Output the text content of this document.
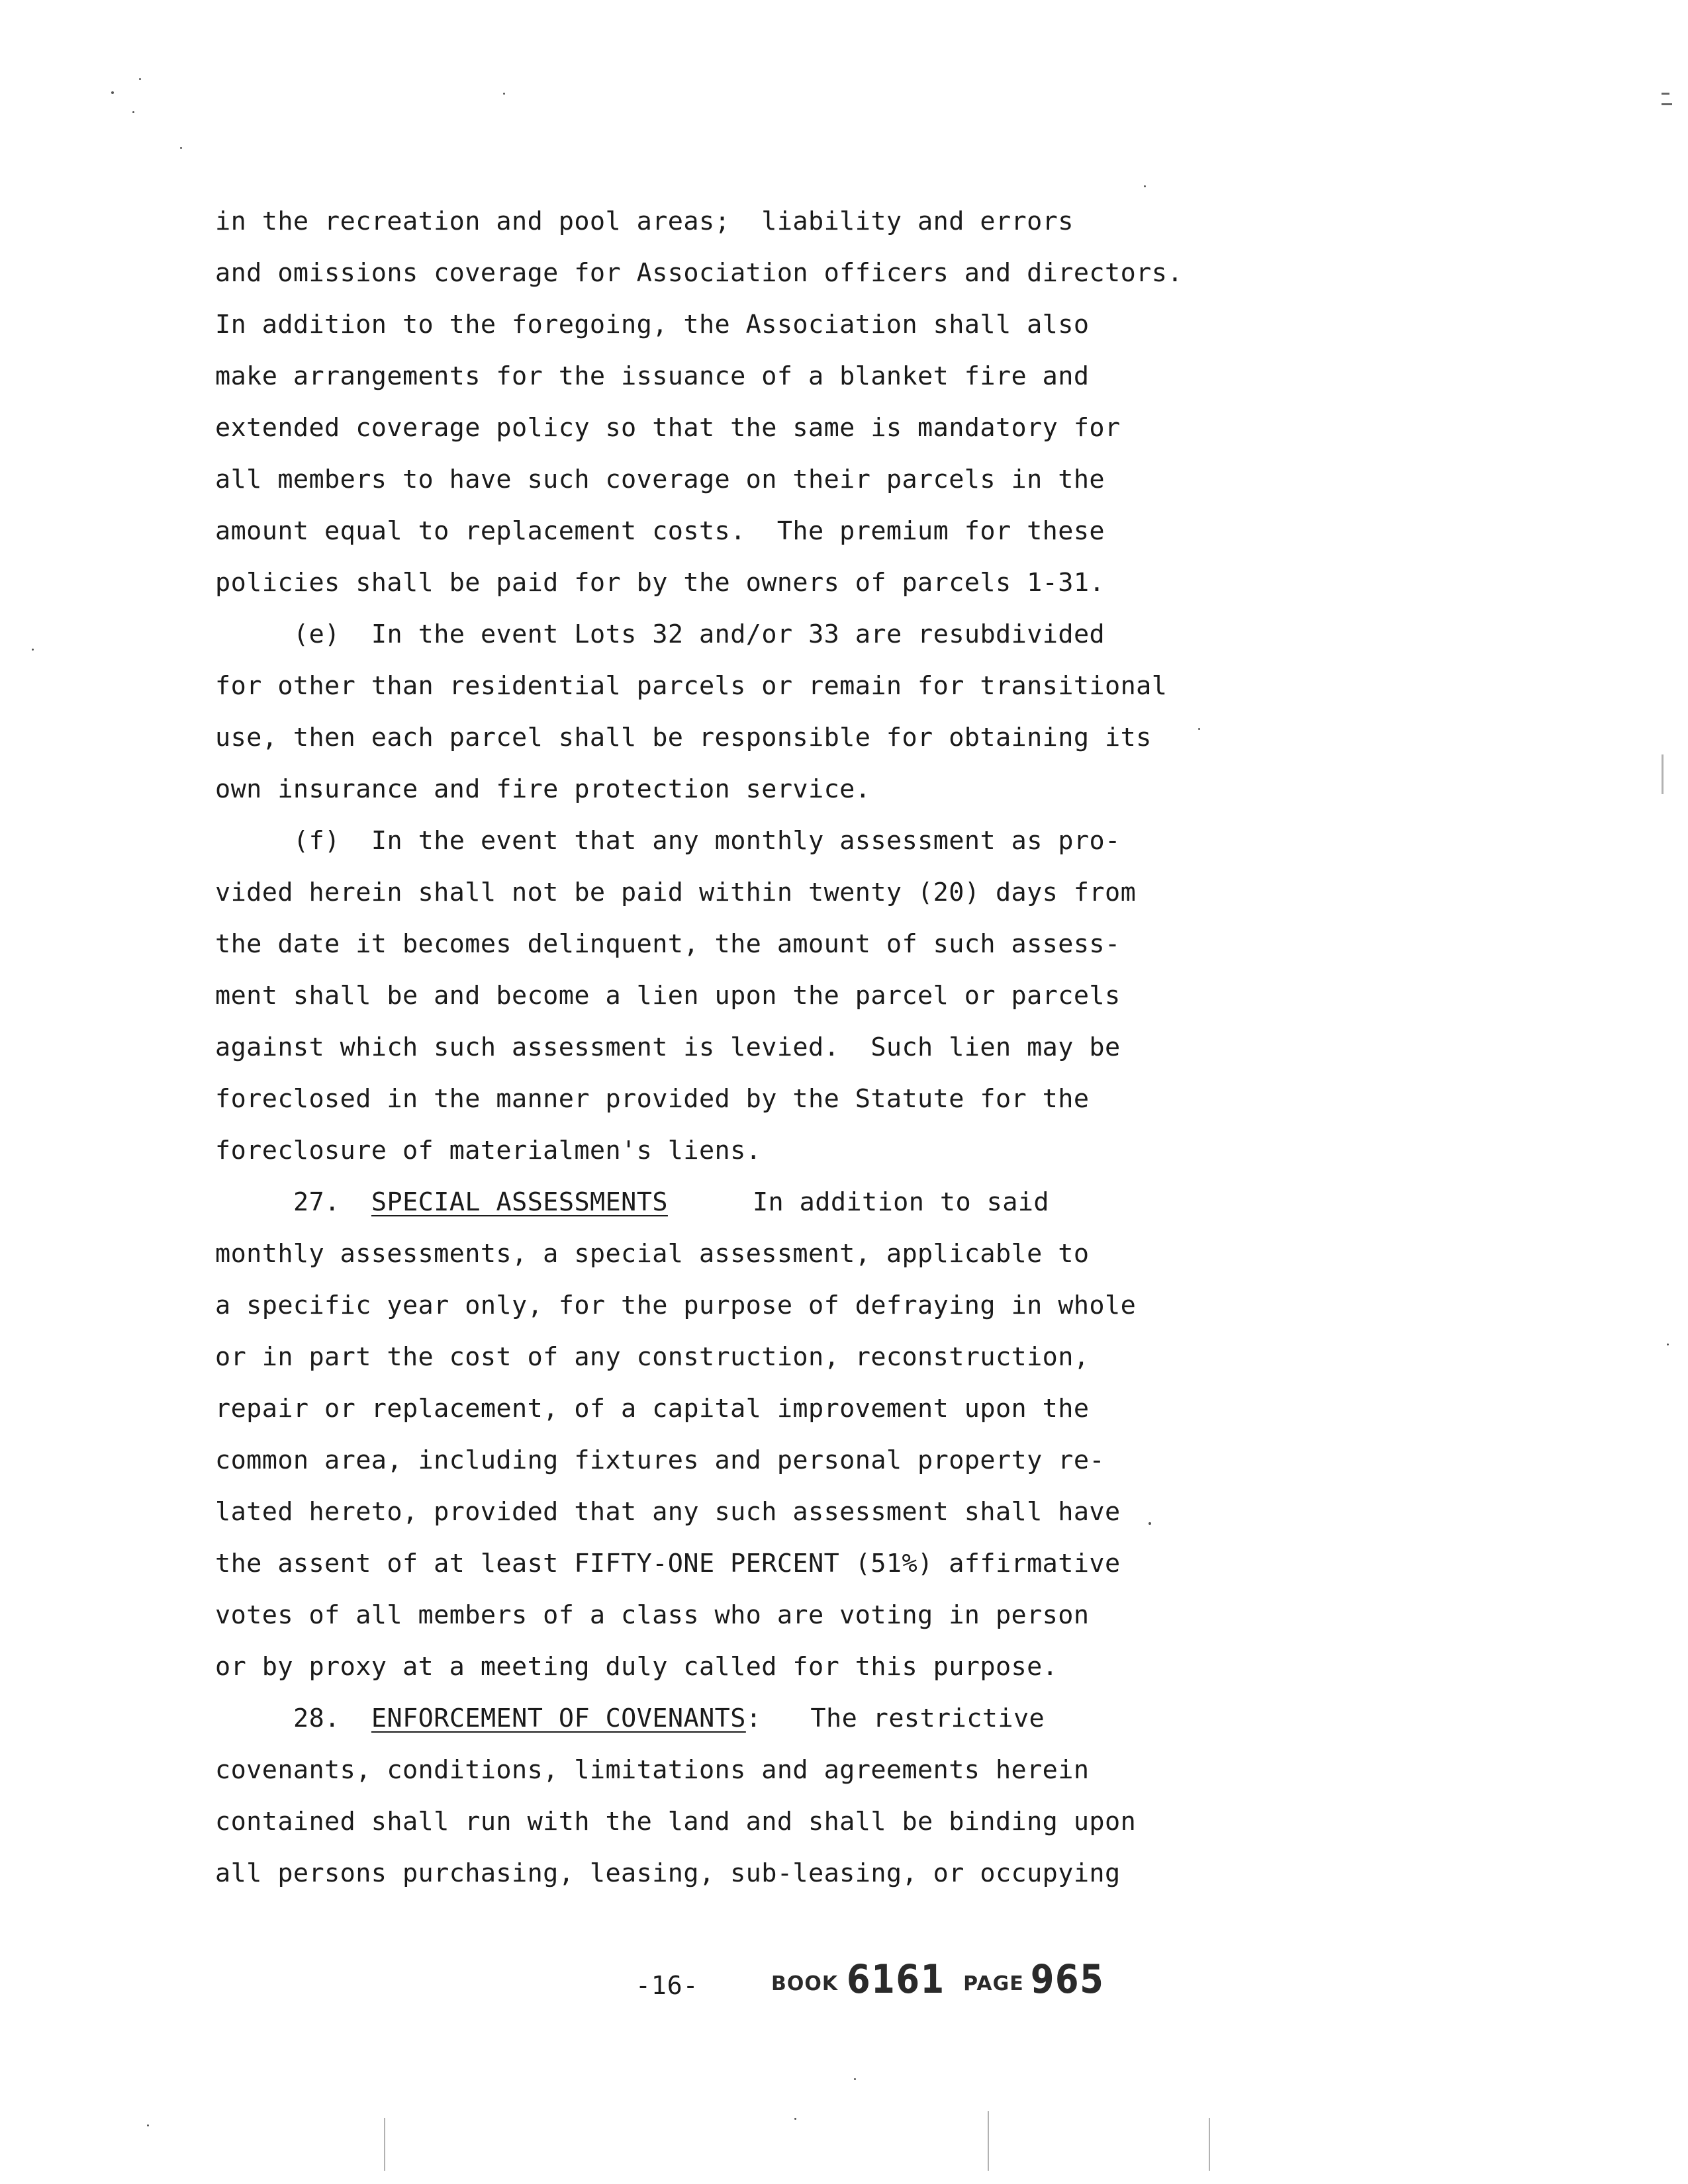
in the recreation and pool areas;  liability and errors
and omissions coverage for Association officers and directors.
In addition to the foregoing, the Association shall also
make arrangements for the issuance of a blanket fire and
extended coverage policy so that the same is mandatory for
all members to have such coverage on their parcels in the
amount equal to replacement costs.  The premium for these
policies shall be paid for by the owners of parcels 1-31.
(e)  In the event Lots 32 and/or 33 are resubdivided
for other than residential parcels or remain for transitional
use, then each parcel shall be responsible for obtaining its
own insurance and fire protection service.
(f)  In the event that any monthly assessment as pro-
vided herein shall not be paid within twenty (20) days from
the date it becomes delinquent, the amount of such assess-
ment shall be and become a lien upon the parcel or parcels
against which such assessment is levied.  Such lien may be
foreclosed in the manner provided by the Statute for the
foreclosure of materialmen's liens.
27. SPECIAL ASSESSMENTS	In addition to said
monthly assessments, a special assessment, applicable to
a specific year only, for the purpose of defraying in whole
or in part the cost of any construction, reconstruction,
repair or replacement, of a capital improvement upon the
common area, including fixtures and personal property re-
lated hereto, provided that any such assessment shall have
the assent of at least FIFTY-ONE PERCENT (51%) affirmative
votes of all members of a class who are voting in person
or by proxy at a meeting duly called for this purpose.
28. ENFORCEMENT OF COVENANTS: The restrictive
covenants, conditions, limitations and agreements herein
contained shall run with the land and shall be binding upon
all persons purchasing, leasing, sub-leasing, or occupying
-16-	BOOK 6161 PAGE 965
